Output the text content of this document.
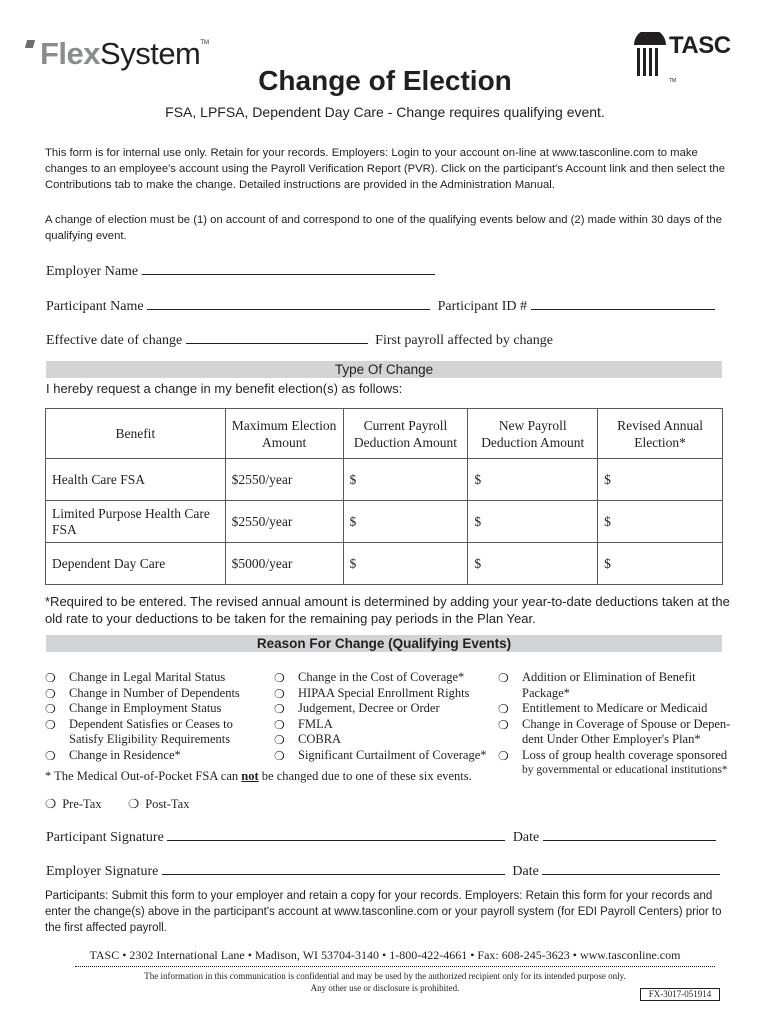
Flex System TM	TASC
TM
Change of Election
FSA, LPFSA, Dependent Day Care - Change requires qualifying event.
This form is for internal use only. Retain for your records. Employers: Login to your account on-line at www.tasconline.com to make changes to an employee's account using the Payroll Verification Report (PVR). Click on the participant's Account link and then select the Contributions tab to make the change. Detailed instructions are provided in the Administration Manual.
A change of election must be (1) on account of and correspond to one of the qualifying events below and (2) made within 30 days of the qualifying event.
Employer Name
Participant Name	Participant ID #
Effective date of change	First payroll affected by change
Type Of Change
I hereby request a change in my benefit election(s) as follows:
Benefit	Maximum Election Amount	Current Payroll Deduction Amount	New Payroll Deduction Amount	Revised Annual Election*
Health Care FSA	$2550/year	$	$	$
Limited Purpose Health Care FSA	$2550/year	$	$	$
Dependent Day Care	$5000/year	$	$	$
*Required to be entered. The revised annual amount is determined by adding your year-to-date deductions taken at the old rate to your deductions to be taken for the remaining pay periods in the Plan Year.
Reason For Change (Qualifying Events)
❍ Change in Legal Marital Status
❍ Change in Number of Dependents
❍ Change in Employment Status
❍ Dependent Satisfies or Ceases to
Satisfy Eligibility Requirements
❍ Change in Residence*
❍ Change in the Cost of Coverage*
❍ HIPAA Special Enrollment Rights
❍ Judgement, Decree or Order
❍ FMLA
❍ COBRA
❍ Significant Curtailment of Coverage*
❍ Addition or Elimination of Benefit
Package*
❍ Entitlement to Medicare or Medicaid
❍ Change in Coverage of Spouse or Depen-
dent Under Other Employer's Plan*
❍ Loss of group health coverage sponsored
by governmental or educational institutions*
* The Medical Out-of-Pocket FSA can not be changed due to one of these six events.
❍ Pre-Tax ❍ Post-Tax
Participant Signature	Date
Employer Signature	Date
Participants: Submit this form to your employer and retain a copy for your records. Employers: Retain this form for your records and enter the change(s) above in the participant's account at www.tasconline.com or your payroll system (for EDI Payroll Centers) prior to the first affected payroll.
TASC • 2302 International Lane • Madison, WI 53704-3140 • 1-800-422-4661 • Fax: 608-245-3623 • www.tasconline.com
The information in this communication is confidential and may be used by the authorized recipient only for its intended purpose only.
Any other use or disclosure is prohibited.
FX-3017-051914
